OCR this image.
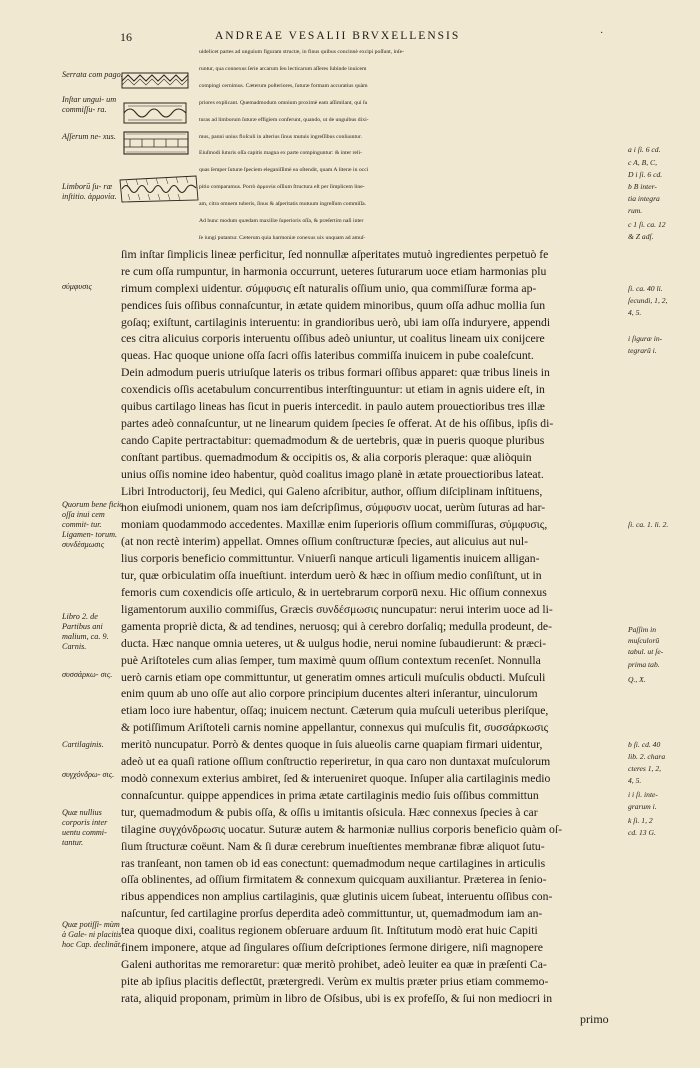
16	ANDREAE VESALII BRVXELLENSIS	·
uidelicet partes ad unguium figuram structæ, in finus quibus concinnè excipi poſſunt, inſe-
runtur, qua connexus ſerie arcarum ſeu lecticarum aſſeres ſubinde inuicem
compingi cernimus. Cæterum poſteriores, ſuturæ formam accuratius quàm
priores explicant. Quemadmodum omnium proximè eam aſſimilant, qui ſu
turas ad limborum ſuturæ effigiem conferunt, quando, ut de unguibus dixi-
mus, panni unius floſculi in alterius ſinus mutuis ingreſſibus conſuuntur.
Eiuſmodi ſuturis oſſa capitis magna ex parte compinguntur: & inter reli-
quas ſemper ſuturæ ſpeciem eleganiſſimè ea oſtendit, quam A literæ in occi
pitio comparamus. Porrò ἁρμονία oſſium ſtructura eſt per ſimplicem line-
am, citra omnem tuberis, ſinus & aſperitatis mutuum ingreſſum commiſſa.
Ad hunc modum quædam maxillæ ſuperioris oſſa, & præſertim naſi inter
ſe iungi putantur. Cæterum quia harmoniæ conexus uix unquam ad amuſ-
ſim inſtar ſimplicis lineæ perficitur, ſed nonnullæ aſperitates mutuò ingredientes perpetuò fe
re cum oſſa rumpuntur, in harmonia occurrunt, ueteres ſuturarum uoce etiam harmonias plu
rimum complexi uidentur. σύμφυσις eſt naturalis oſſium unio, qua commiſſuræ forma ap-
pendices ſuis oſſibus connaſcuntur, in ætate quidem minoribus, quum oſſa adhuc mollia ſun
goſaq; exiſtunt, cartilaginis interuentu: in grandioribus uerò, ubi iam oſſa indurуere, appendi
ces citra alicuius corporis interuentu oſſibus adeò uniuntur, ut coalitus lineam uix conijcere
queas. Hac quoque unione oſſa ſacri oſſis lateribus commiſſa inuicem in pube coaleſcunt.
Dein admodum pueris utriuſque lateris os tribus formari oſſibus apparet: quæ tribus lineis in
coxendicis oſſis acetabulum concurrentibus interſtinguuntur: ut etiam in agnis uidere eſt, in
quibus cartilago lineas has ſicut in pueris intercedit. in paulo autem prouectioribus tres illæ
partes adeò connaſcuntur, ut ne linearum quidem ſpecies ſe offerat. At de his oſſibus, ipſis di-
cando Capite pertractabitur: quemadmodum & de uertebris, quæ in pueris quoque pluribus
conſtant partibus. quemadmodum & occipitis os, & alia corporis pleraque: quæ aliòquin
unius oſſis nomine ideo habentur, quòd coalitus imago planè in ætate prouectioribus lateat.
Libri Introductorij, ſeu Medici, qui Galeno aſcribitur, author, oſſium diſciplinam inſtituens,
non eiuſmodi unionem, quam nos iam deſcripſimus, σύμφυσιν uocat, uerùm ſuturas ad har-
moniam quodammodo accedentes. Maxillæ enim ſuperioris oſſium commiſſuras, σύμφυσις,
(at non rectè interim) appellat. Omnes oſſium conſtructuræ ſpecies, aut alicuius aut nul-
lius corporis beneficio committuntur. Vniuerſi nanque articuli ligamentis inuicem alligan-
tur, quæ orbiculatim oſſa inueſtiunt. interdum uerò & hæc in oſſium medio conſiſtunt, ut in
femoris cum coxendicis oſſe articulo, & in uertebrarum corporū nexu. Hic oſſium connexus
ligamentorum auxilio commiſſus, Græcis συνδέσμωσις nuncupatur: nerui interim uoce ad li-
gamenta propriè dicta, & ad tendines, neruosq; qui à cerebro dorſaliq; medulla prodeunt, de-
ducta. Hæc nanque omnia ueteres, ut & uulgus hodie, nerui nomine ſubaudierunt: & præci-
puè Ariſtoteles cum alias ſemper, tum maximè quum oſſium contextum recenſet. Nonnulla
uerò carnis etiam ope committuntur, ut generatim omnes articuli muſculis obducti. Muſculi
enim quum ab uno oſſe aut alio corpore principium ducentes alteri inſerantur, uinculorum
etiam loco iure habentur, oſſaq; inuicem nectunt. Cæterum quia muſculi ueteribus pleriſque,
& potiſſimum Ariſtoteli carnis nomine appellantur, connexus qui muſculis fit, συσσάρκωσις
meritò nuncupatur. Porrò & dentes quoque in ſuis alueolis carne quapiam firmari uidentur,
adeò ut ea quaſi ratione oſſium conſtructio reperiretur, in qua caro non duntaxat muſculorum
modò connexum exterius ambiret, ſed & interueniret quoque. Inſuper alia cartilaginis medio
connaſcuntur. quippe appendices in prima ætate cartilaginis medio ſuis oſſibus committun
tur, quemadmodum & pubis oſſa, & oſſis u imitantis oſsicula. Hæc connexus ſpecies à car
tilagine συγχόνδρωσις uocatur. Suturæ autem & harmoniæ nullius corporis beneficio quàm oſ-
ſium ſtructuræ coëunt. Nam & ſi duræ cerebrum inueſtientes membranæ fibræ aliquot ſutu-
ras tranſeant, non tamen ob id eas conectunt: quemadmodum neque cartilagines in articulis
oſſa oblinentes, ad oſſium firmitatem & connexum quicquam auxiliantur. Præterea in ſenio-
ribus appendices non amplius cartilaginis, quæ glutinis uicem ſubeat, interuentu oſſibus con-
naſcuntur, ſed cartilagine prorſus deperdita adeò committuntur, ut, quemadmodum iam an-
tea quoque dixi, coalitus regionem obſeruare arduum ſit. Inſtitutum modò erat huic Capiti
finem imponere, atque ad ſingulares oſſium deſcriptiones ſermone dirigere, niſi magnopere
Galeni authoritas me remoraretur: quæ meritò prohibet, adeò leuiter ea quæ in præſenti Ca-
pite ab ipſius placitis deflectūt, prætergredi. Verùm ex multis præter prius etiam commemo-
rata, aliquid proponam, primùm in libro de Oſsibus, ubi is ex profeſſo, & ſui non mediocri in
primo
Serrata com pago.
Inſtar ungui- um commiſſu- ra.
Aſſerum ne- xus.
Limborū ſu- ræ inſtitio. ἁρμονία.
σύμφυσις
Quorum bene ficio oſſa inui cem commit- tur. Ligamen- torum. συνδέσμωσις
Libro 2. de Partibus ani malium, ca. 9. Carnis.
συσσάρκω- σις.
Cartilaginis.
συγχόνδρω- σις.
Quæ nullius corporis inter uentu commi- tantur.
Quæ potiſſi- mùm à Gale- ni placitis hoc Cap. declināt.
a i ſi. 6 cd.
c A, B, C,
D i ſi. 6 cd.
b B inter-
tia integra
rum.
c 1 ſi. ca. 12
& Z adſ.
ſi. ca. 40 li.
ſecundi, 1, 2,
4, 5.
i ſiguræ in-
tegrarū i.
ſi. ca. 1. li. 2.
Paſſim in
muſculorū
tabul. ut ſe-
prima tab.
Q., X.
b ſi. cd. 40
lib. 2. chara
cteres 1, 2,
4, 5.
i i ſi. inte-
grarum i.
k ſi. 1, 2
cd. 13 G.
